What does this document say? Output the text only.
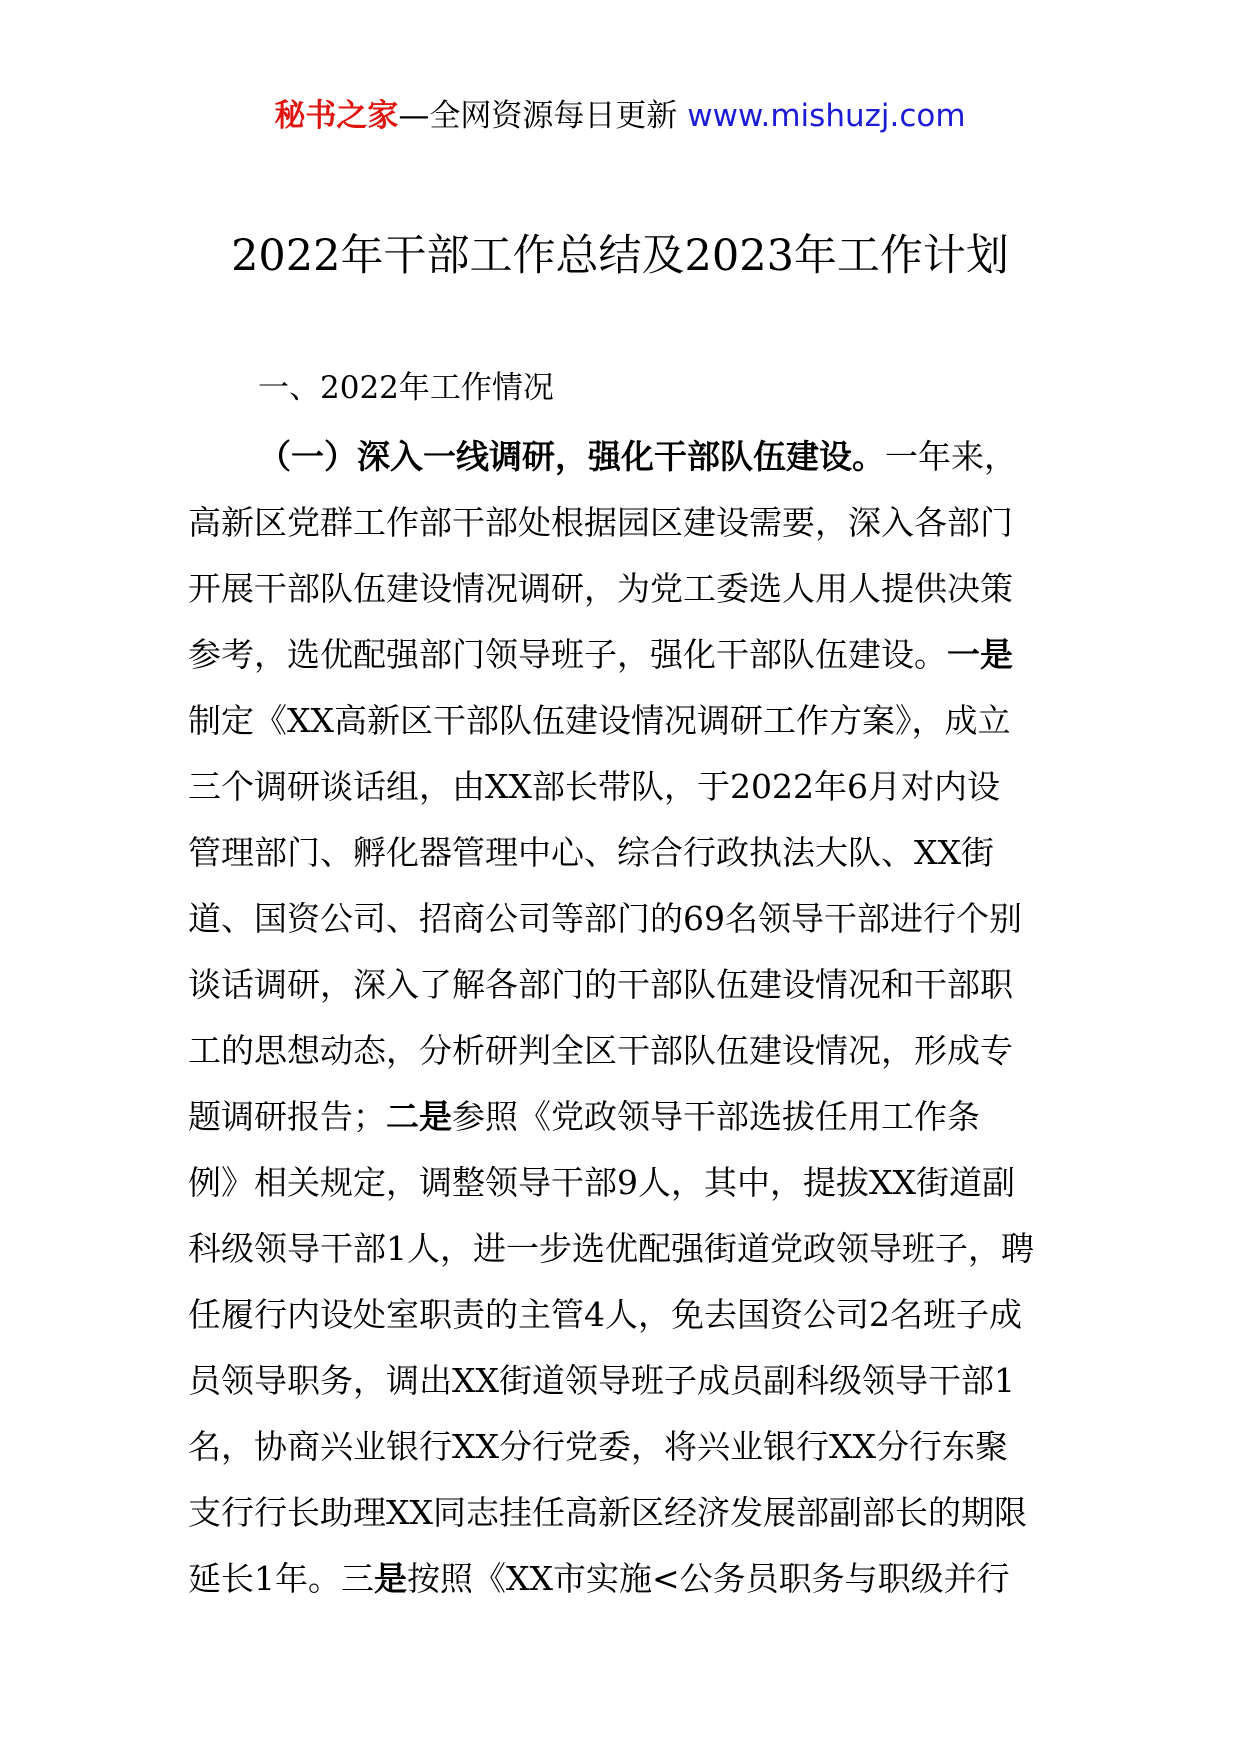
秘书之家—全网资源每日更新 www.mishuzj.com
2022年干部工作总结及2023年工作计划
一、2022年工作情况
（一）深入一线调研，强化干部队伍建设。一年来，
高新区党群工作部干部处根据园区建设需要，深入各部门
开展干部队伍建设情况调研，为党工委选人用人提供决策
参考，选优配强部门领导班子，强化干部队伍建设。一是
制定《XX高新区干部队伍建设情况调研工作方案》，成立
三个调研谈话组，由XX部长带队，于2022年6月对内设
管理部门、孵化器管理中心、综合行政执法大队、XX街
道、国资公司、招商公司等部门的69名领导干部进行个别
谈话调研，深入了解各部门的干部队伍建设情况和干部职
工的思想动态，分析研判全区干部队伍建设情况，形成专
题调研报告；二是参照《党政领导干部选拔任用工作条
例》相关规定，调整领导干部9人，其中，提拔XX街道副
科级领导干部1人，进一步选优配强街道党政领导班子，聘
任履行内设处室职责的主管4人，免去国资公司2名班子成
员领导职务，调出XX街道领导班子成员副科级领导干部1
名，协商兴业银行XX分行党委，将兴业银行XX分行东聚
支行行长助理XX同志挂任高新区经济发展部副部长的期限
延长1年。三是按照《XX市实施<公务员职务与职级并行
